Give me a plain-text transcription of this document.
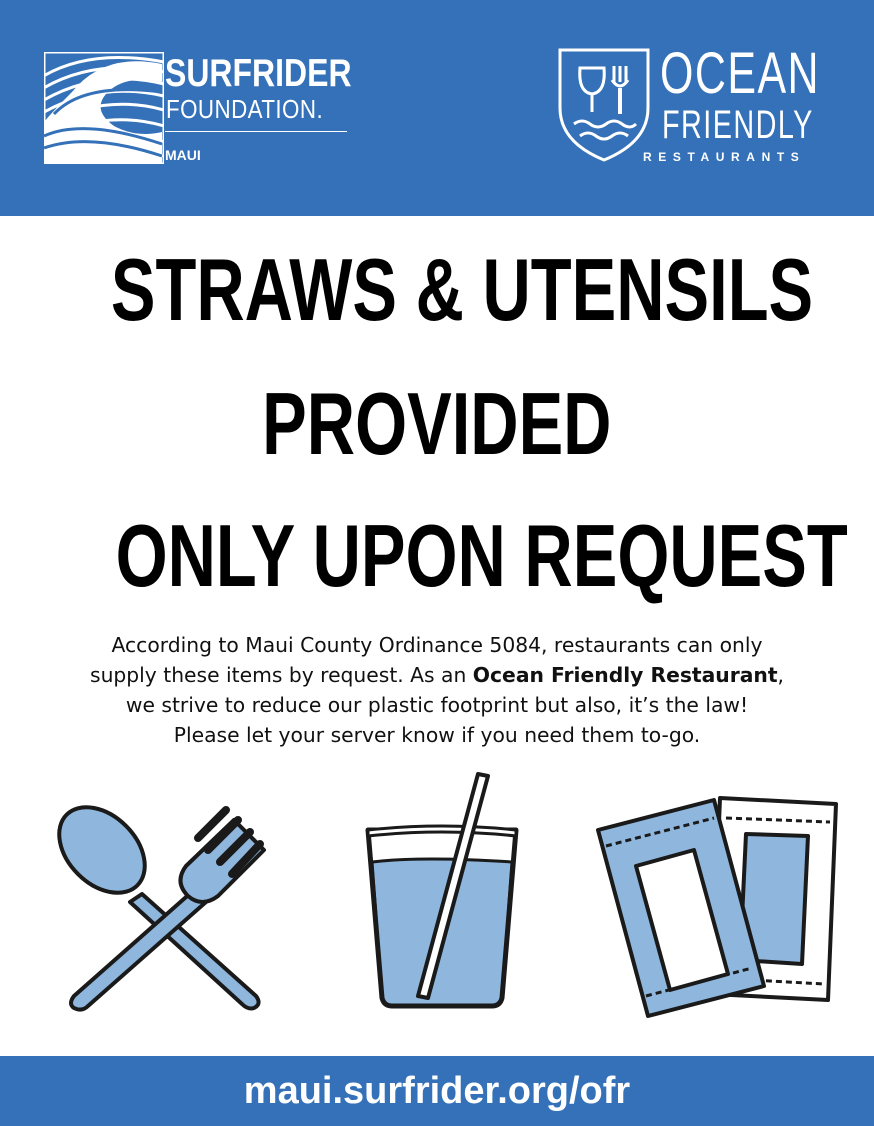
SURFRIDER
FOUNDATION.
MAUI
OCEAN
FRIENDLY
RESTAURANTS
STRAWS & UTENSILS
PROVIDED
ONLY UPON REQUEST
According to Maui County Ordinance 5084, restaurants can only supply these items by request. As an Ocean Friendly Restaurant, we strive to reduce our plastic footprint but also, it’s the law! Please let your server know if you need them to-go.
maui.surfrider.org/ofr
